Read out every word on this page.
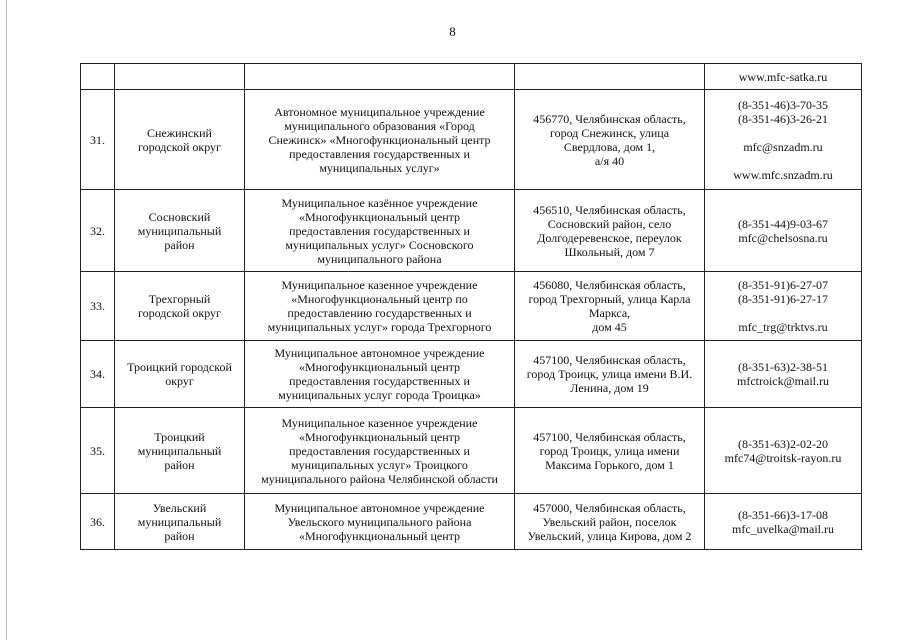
8

				www.mfc-satka.ru

31.	Снежинский
городской округ	Автономное муниципальное учреждение
муниципального образования «Город
Снежинск» «Многофункциональный центр
предоставления государственных и
муниципальных услуг»	456770, Челябинская область,
город Снежинск, улица
Свердлова, дом 1,
а/я 40	(8-351-46)3-70-35
(8-351-46)3-26-21
mfc@snzadm.ru
www.mfc.snzadm.ru

32.	Сосновский
муниципальный
район	Муниципальное казённое учреждение
«Многофункциональный центр
предоставления государственных и
муниципальных услуг» Сосновского
муниципального района	456510, Челябинская область,
Сосновский район, село
Долгодеревенское, переулок
Школьный, дом 7	(8-351-44)9-03-67
mfc@chelsosna.ru

33.	Трехгорный
городской округ	Муниципальное казенное учреждение
«Многофункциональный центр по
предоставлению государственных и
муниципальных услуг» города Трехгорного	456080, Челябинская область,
город Трехгорный, улица Карла
Маркса,
дом 45	(8-351-91)6-27-07
(8-351-91)6-27-17
mfc_trg@trktvs.ru

34.	Троицкий городской
округ	Муниципальное автономное учреждение
«Многофункциональный центр
предоставления государственных и
муниципальных услуг города Троицка»	457100, Челябинская область,
город Троицк, улица имени В.И.
Ленина, дом 19	(8-351-63)2-38-51
mfctroick@mail.ru

35.	Троицкий
муниципальный
район	Муниципальное казенное учреждение
«Многофункциональный центр
предоставления государственных и
муниципальных услуг» Троицкого
муниципального района Челябинской области	457100, Челябинская область,
город Троицк, улица имени
Максима Горького, дом 1	(8-351-63)2-02-20
mfc74@troitsk-rayon.ru

36.	Увельский
муниципальный
район	Муниципальное автономное учреждение
Увельского муниципального района
«Многофункциональный центр	457000, Челябинская область,
Увельский район, поселок
Увельский, улица Кирова, дом 2	(8-351-66)3-17-08
mfc_uvelka@mail.ru
